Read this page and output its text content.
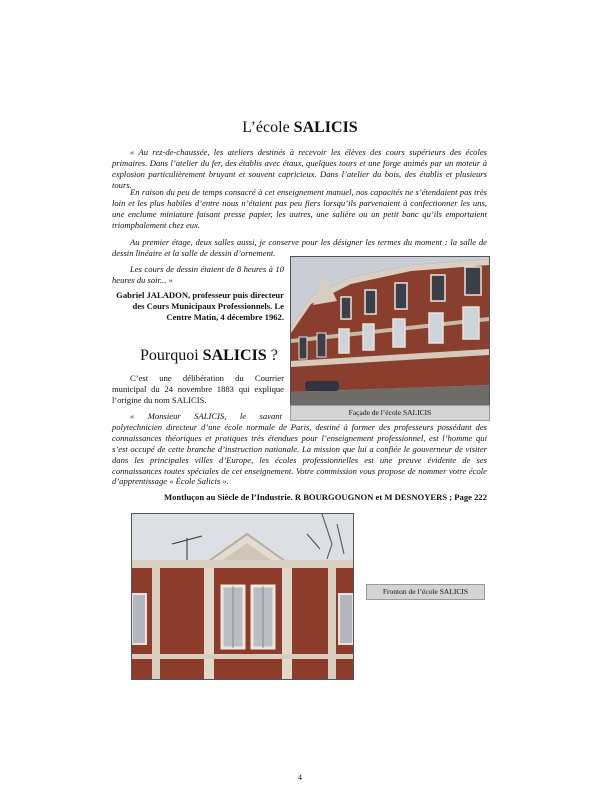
L’école SALICIS
« Au rez-de-chaussée, les ateliers destinés à recevoir les élèves des cours supérieurs des écoles primaires. Dans l’atelier du fer, des établis avec étaux, quelques tours et une forge animés par un moteur à explosion particulièrement bruyant et souvent capricieux. Dans l’atelier du bois, des établis et plusieurs tours.
En raison du peu de temps consacré à cet enseignement manuel, nos capacités ne s’étendaient pas très loin et les plus habiles d’entre nous n’étaient pas peu fiers lorsqu’ils parvenaient à confectionner les uns, une enclume miniature faisant presse papier, les autres, une salière ou un petit banc qu’ils emportaient triomphalement chez eux.
Au premier étage, deux salles aussi, je conserve pour les désigner les termes du moment : la salle de dessin linéaire et la salle de dessin d’ornement.
Les cours de dessin étaient de 8 heures à 10 heures du soir... »
Gabriel JALADON, professeur puis directeur des Cours Municipaux Professionnels. Le Centre Matin, 4 décembre 1962.
Façade de l’école SALICIS
Pourquoi SALICIS ?
C’est une délibération du Courrier municipal du 24 novembre 1883 qui explique l’origine du nom SALICIS.
« Monsieur SALICIS, le savant polytechnicien directeur d’une école normale de Paris, destiné à former des professeurs possédant des connaissances théoriques et pratiques très étendues pour l’enseignement professionnel, est l’homme qui s’est occupé de cette branche d’instruction nationale. La mission que lui a confiée le gouverneur de visiter dans les principales villes d’Europe, les écoles professionnelles est une preuve évidente de ses connaissances toutes spéciales de cet enseignement. Votre commission vous propose de nommer votre école d’apprentissage « École Salicis ».
Montluçon au Siècle de l’Industrie. R BOURGOUGNON et M DESNOYERS ; Page 222
Fronton de l’école SALICIS
4
